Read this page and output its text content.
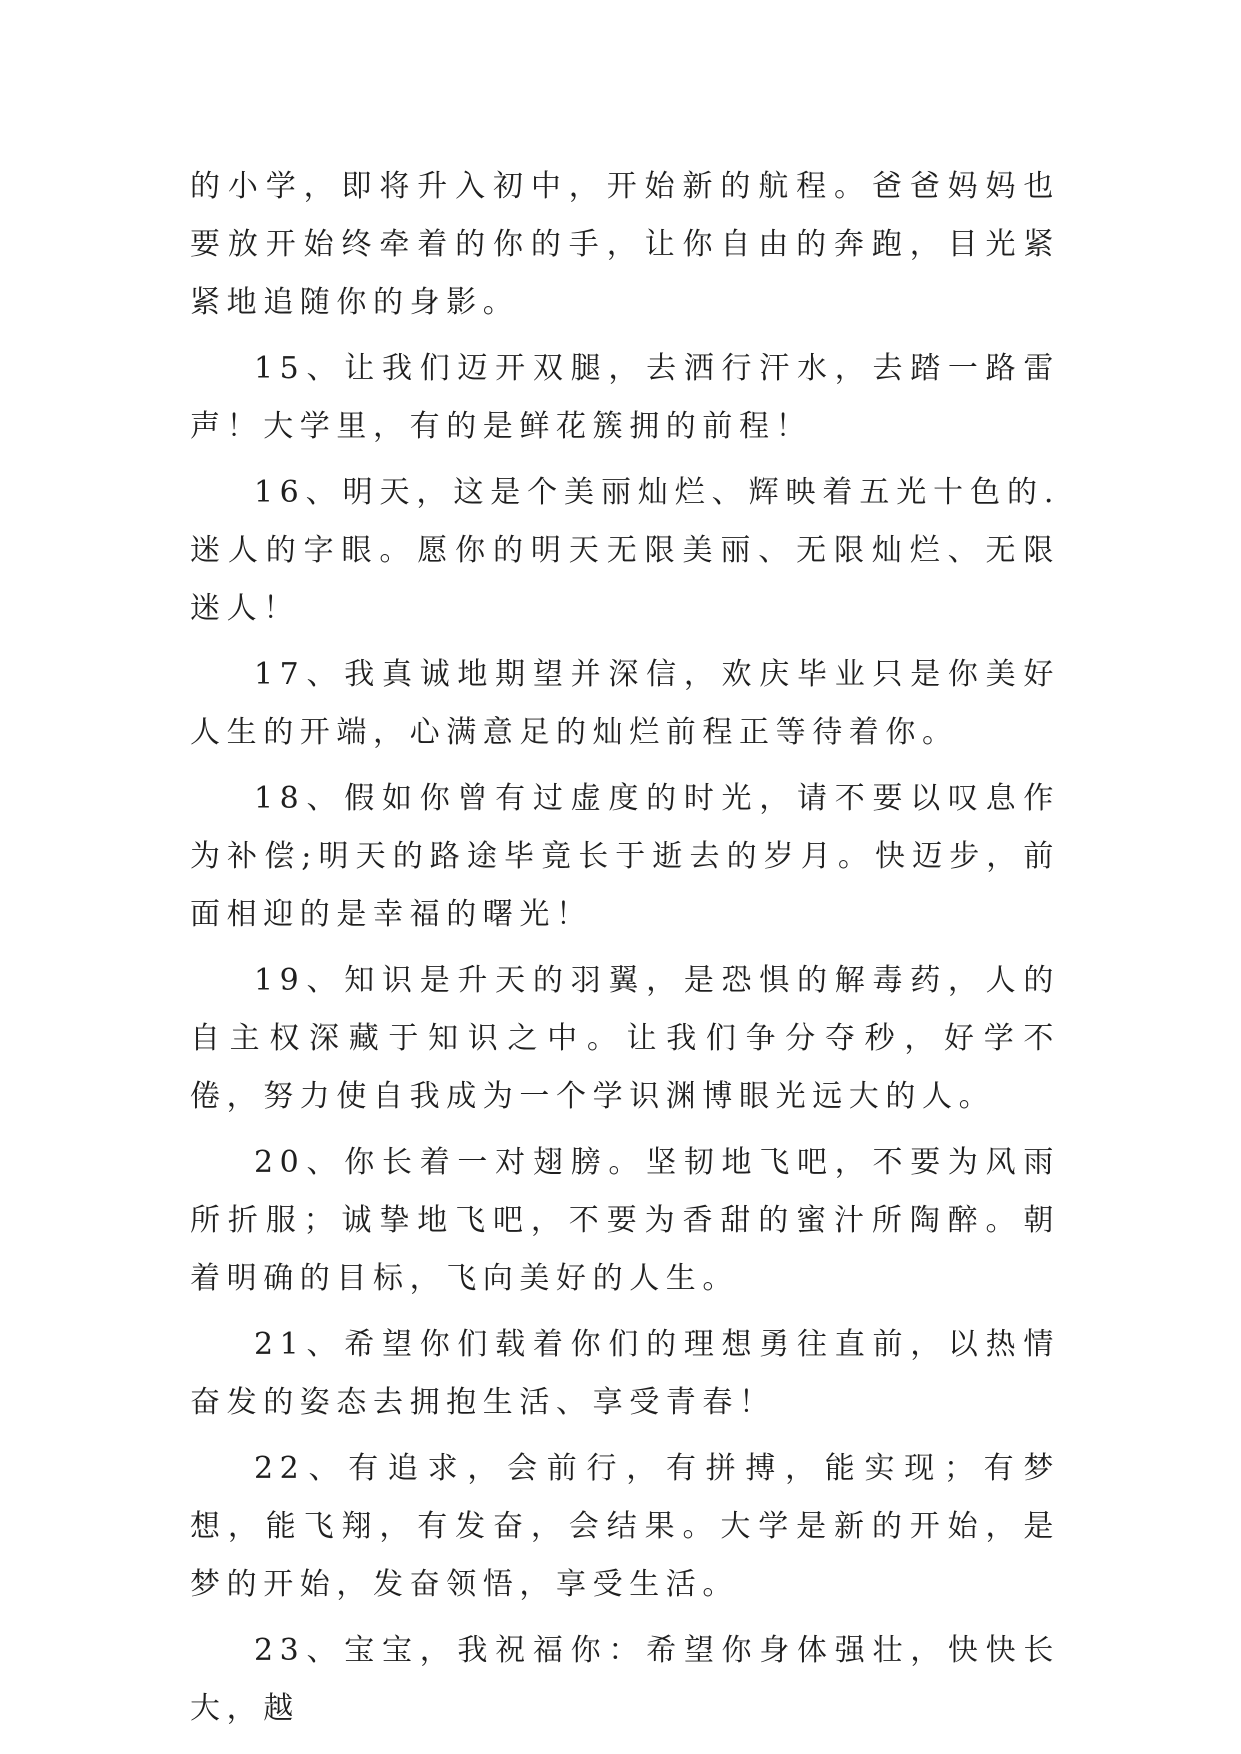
的小学，即将升入初中，开始新的航程。爸爸妈妈也要放开始终牵着的你的手，让你自由的奔跑，目光紧紧地追随你的身影。

15、让我们迈开双腿，去洒行汗水，去踏一路雷声！大学里，有的是鲜花簇拥的前程！

16、明天，这是个美丽灿烂、辉映着五光十色的.迷人的字眼。愿你的明天无限美丽、无限灿烂、无限迷人！

17、我真诚地期望并深信，欢庆毕业只是你美好人生的开端，心满意足的灿烂前程正等待着你。

18、假如你曾有过虚度的时光，请不要以叹息作为补偿;明天的路途毕竟长于逝去的岁月。快迈步，前面相迎的是幸福的曙光！

19、知识是升天的羽翼，是恐惧的解毒药，人的自主权深藏于知识之中。让我们争分夺秒，好学不倦，努力使自我成为一个学识渊博眼光远大的人。

20、你长着一对翅膀。坚韧地飞吧，不要为风雨所折服；诚挚地飞吧，不要为香甜的蜜汁所陶醉。朝着明确的目标，飞向美好的人生。

21、希望你们载着你们的理想勇往直前，以热情奋发的姿态去拥抱生活、享受青春！

22、有追求，会前行，有拼搏，能实现；有梦想，能飞翔，有发奋，会结果。大学是新的开始，是梦的开始，发奋领悟，享受生活。

23、宝宝，我祝福你：希望你身体强壮，快快长大，越
